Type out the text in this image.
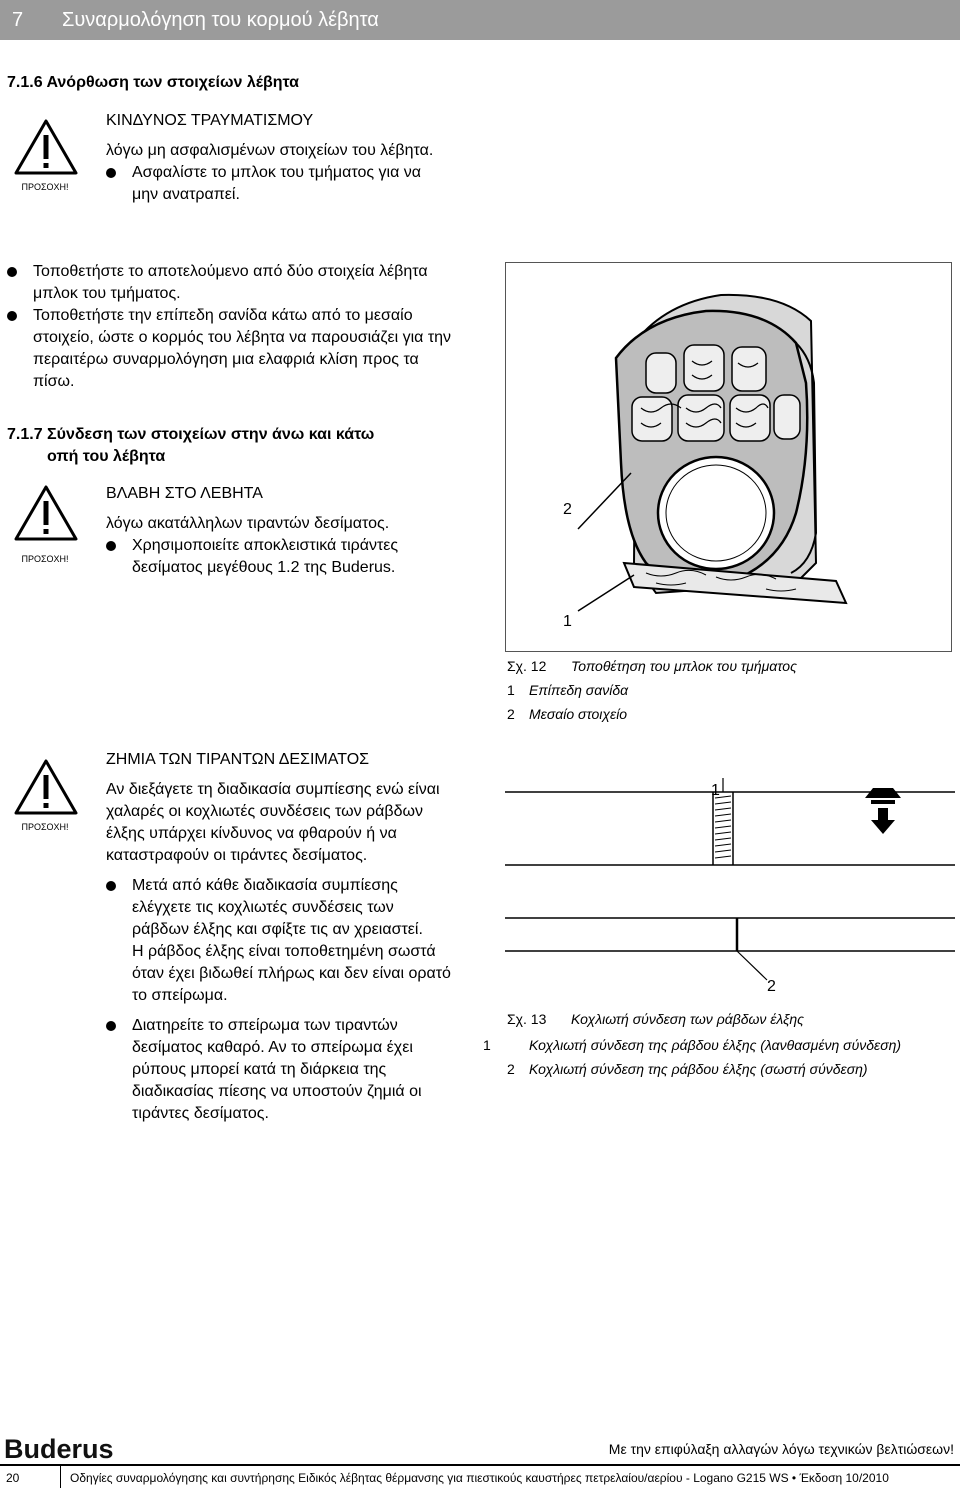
7	Συναρμολόγηση του κορμού λέβητα
7.1.6 Ανόρθωση των στοιχείων λέβητα
ΠΡΟΣΟΧΗ!
ΚΙΝΔΥΝΟΣ ΤΡΑΥΜΑΤΙΣΜΟΥ
λόγω μη ασφαλισμένων στοιχείων του λέβητα.
Ασφαλίστε το μπλοκ του τμήματος για να μην ανατραπεί.
Τοποθετήστε το αποτελούμενο από δύο στοιχεία λέβητα μπλοκ του τμήματος.
Τοποθετήστε την επίπεδη σανίδα κάτω από το μεσαίο στοιχείο, ώστε ο κορμός του λέβητα να παρουσιάζει για την περαιτέρω συναρμολόγηση μια ελαφριά κλίση προς τα πίσω.
7.1.7 Σύνδεση των στοιχείων στην άνω και κάτω
οπή του λέβητα
ΠΡΟΣΟΧΗ!
ΒΛΑΒΗ ΣΤΟ ΛΕΒΗΤΑ
λόγω ακατάλληλων τιραντών δεσίματος.
Χρησιμοποιείτε αποκλειστικά τιράντες δεσίματος μεγέθους 1.2 της Buderus.
ΠΡΟΣΟΧΗ!
ΖΗΜΙΑ ΤΩΝ ΤΙΡΑΝΤΩΝ ΔΕΣΙΜΑΤΟΣ
Αν διεξάγετε τη διαδικασία συμπίεσης ενώ είναι χαλαρές οι κοχλιωτές συνδέσεις των ράβδων έλξης υπάρχει κίνδυνος να φθαρούν ή να καταστραφούν οι τιράντες δεσίματος.
Μετά από κάθε διαδικασία συμπίεσης ελέγχετε τις κοχλιωτές συνδέσεις των ράβδων έλξης και σφίξτε τις αν χρειαστεί.
Η ράβδος έλξης είναι τοποθετημένη σωστά όταν έχει βιδωθεί πλήρως και δεν είναι ορατό το σπείρωμα.
Διατηρείτε το σπείρωμα των τιραντών δεσίματος καθαρό. Αν το σπείρωμα έχει ρύπους μπορεί κατά τη διάρκεια της διαδικασίας πίεσης να υποστούν ζημιά οι τιράντες δεσίματος.
2
1
Σχ. 12 Τοποθέτηση του μπλοκ του τμήματος
1 Επίπεδη σανίδα
2 Μεσαίο στοιχείο
1
2
Σχ. 13 Κοχλιωτή σύνδεση των ράβδων έλξης
1	Κοχλιωτή σύνδεση της ράβδου έλξης (λανθασμένη σύνδεση)
2 Κοχλιωτή σύνδεση της ράβδου έλξης (σωστή σύνδεση)
Buderus	Με την επιφύλαξη αλλαγών λόγω τεχνικών βελτιώσεων!
20	Οδηγίες συναρμολόγησης και συντήρησης Ειδικός λέβητας θέρμανσης για πιεστικούς καυστήρες πετρελαίου/αερίου - Logano G215 WS • Έκδοση 10/2010
